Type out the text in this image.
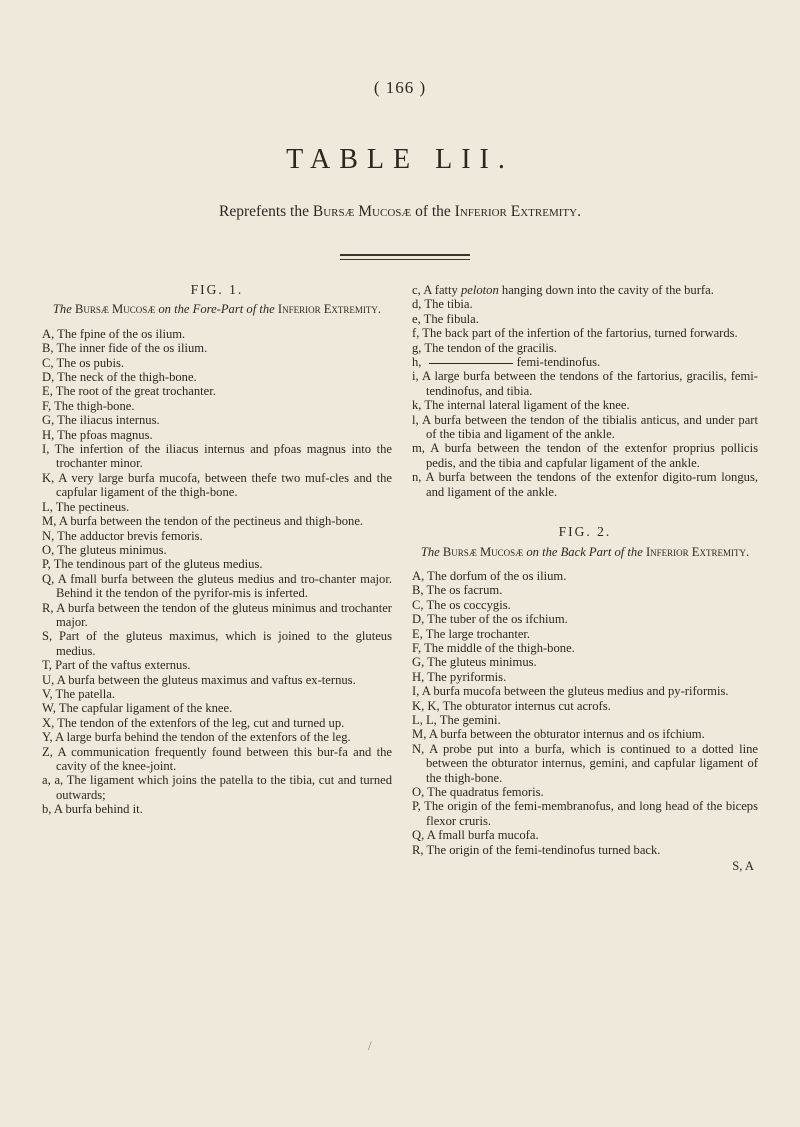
( 166 )
TABLE LII.
Reprefents the Bursæ Mucosæ of the Inferior Extremity.
FIG. 1.
The Bursæ Mucosæ on the Fore-Part of the Inferior Extremity.
A, The fpine of the os ilium.
B, The inner fide of the os ilium.
C, The os pubis.
D, The neck of the thigh-bone.
E, The root of the great trochanter.
F, The thigh-bone.
G, The iliacus internus.
H, The pfoas magnus.
I, The infertion of the iliacus internus and pfoas magnus into the trochanter minor.
K, A very large burfa mucofa, between thefe two muf-cles and the capfular ligament of the thigh-bone.
L, The pectineus.
M, A burfa between the tendon of the pectineus and thigh-bone.
N, The adductor brevis femoris.
O, The gluteus minimus.
P, The tendinous part of the gluteus medius.
Q, A fmall burfa between the gluteus medius and tro-chanter major. Behind it the tendon of the pyrifor-mis is inferted.
R, A burfa between the tendon of the gluteus minimus and trochanter major.
S, Part of the gluteus maximus, which is joined to the gluteus medius.
T, Part of the vaftus externus.
U, A burfa between the gluteus maximus and vaftus ex-ternus.
V, The patella.
W, The capfular ligament of the knee.
X, The tendon of the extenfors of the leg, cut and turned up.
Y, A large burfa behind the tendon of the extenfors of the leg.
Z, A communication frequently found between this bur-fa and the cavity of the knee-joint.
a, a, The ligament which joins the patella to the tibia, cut and turned outwards;
b, A burfa behind it.
c, A fatty peloton hanging down into the cavity of the burfa.
d, The tibia.
e, The fibula.
f, The back part of the infertion of the fartorius, turned forwards.
g, The tendon of the gracilis.
h,	femi-tendinofus.
i, A large burfa between the tendons of the fartorius, gracilis, femi-tendinofus, and tibia.
k, The internal lateral ligament of the knee.
l, A burfa between the tendon of the tibialis anticus, and under part of the tibia and ligament of the ankle.
m, A burfa between the tendon of the extenfor proprius pollicis pedis, and the tibia and capfular ligament of the ankle.
n, A burfa between the tendons of the extenfor digito-rum longus, and ligament of the ankle.
FIG. 2.
The Bursæ Mucosæ on the Back Part of the Inferior Extremity.
A, The dorfum of the os ilium.
B, The os facrum.
C, The os coccygis.
D, The tuber of the os ifchium.
E, The large trochanter.
F, The middle of the thigh-bone.
G, The gluteus minimus.
H, The pyriformis.
I, A burfa mucofa between the gluteus medius and py-riformis.
K, K, The obturator internus cut acrofs.
L, L, The gemini.
M, A burfa between the obturator internus and os ifchium.
N, A probe put into a burfa, which is continued to a dotted line between the obturator internus, gemini, and capfular ligament of the thigh-bone.
O, The quadratus femoris.
P, The origin of the femi-membranofus, and long head of the biceps flexor cruris.
Q, A fmall burfa mucofa.
R, The origin of the femi-tendinofus turned back.
S, A
/
